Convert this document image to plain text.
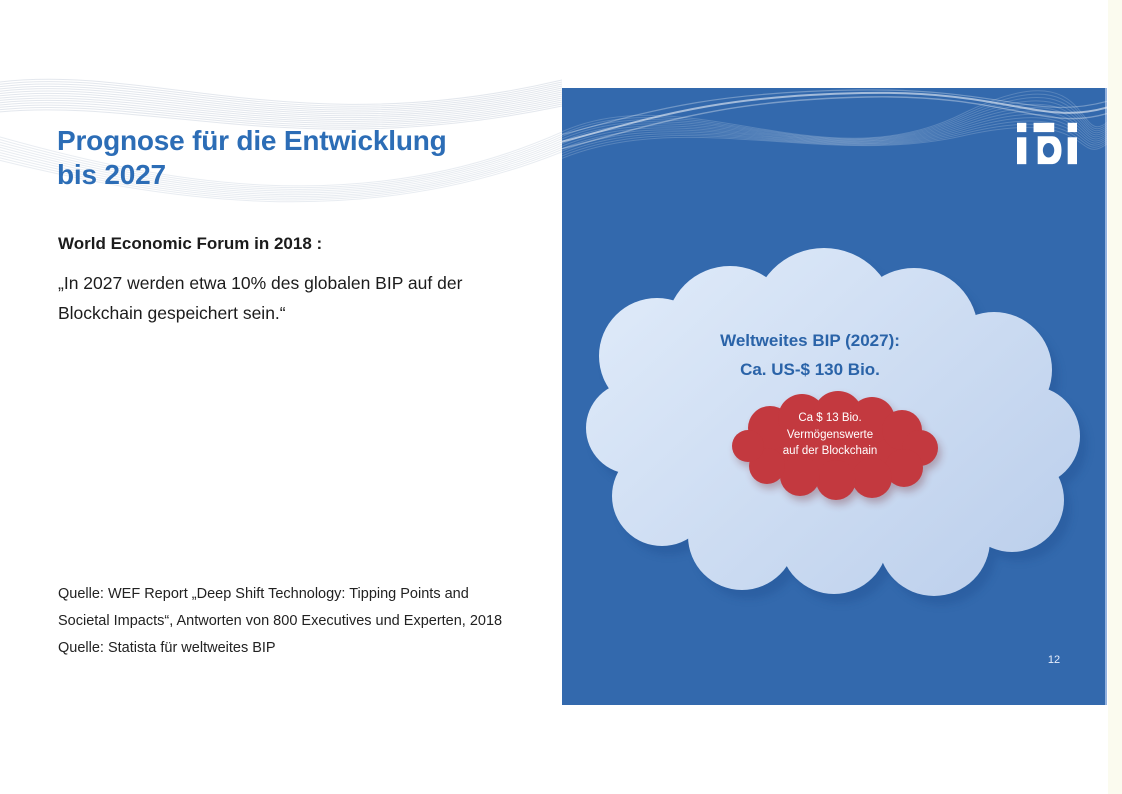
Prognose für die Entwicklung
bis 2027

World Economic Forum in 2018 :

„In 2027 werden etwa 10% des globalen BIP auf der
Blockchain gespeichert sein.“

Quelle: WEF Report „Deep Shift Technology: Tipping Points and
Societal Impacts“, Antworten von 800 Executives und Experten, 2018
Quelle: Statista für weltweites BIP
Weltweites BIP (2027):
Ca. US-$ 130 Bio.
Ca $ 13 Bio.
Vermögenswerte
auf der Blockchain
12
